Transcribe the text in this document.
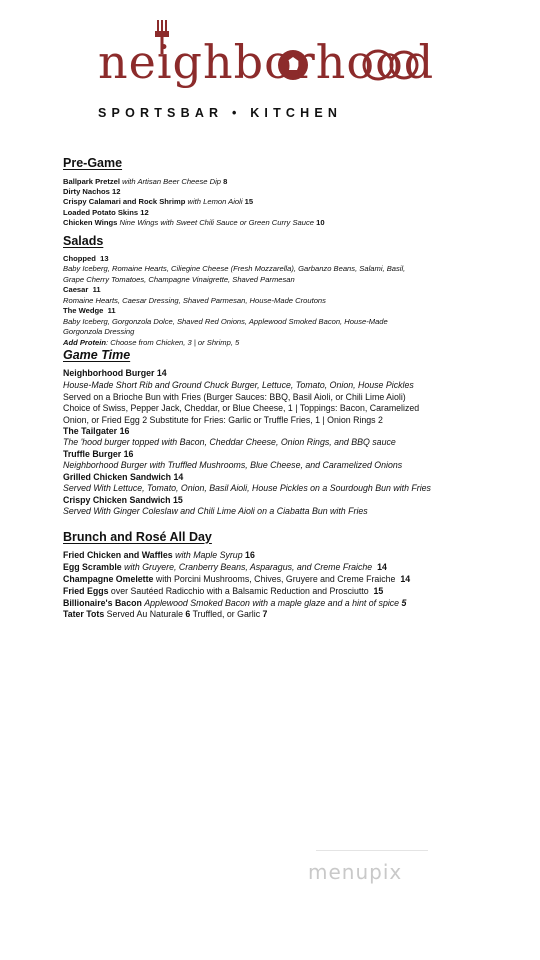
neighborhood
SPORTSBAR • KITCHEN
Pre-Game
Ballpark Pretzel with Artisan Beer Cheese Dip 8
Dirty Nachos 12
Crispy Calamari and Rock Shrimp with Lemon Aioli 15
Loaded Potato Skins 12
Chicken Wings Nine Wings with Sweet Chili Sauce or Green Curry Sauce 10
Salads
Chopped 13
Baby Iceberg, Romaine Hearts, Ciliegine Cheese (Fresh Mozzarella), Garbanzo Beans, Salami, Basil,
Grape Cherry Tomatoes, Champagne Vinaigrette, Shaved Parmesan
Caesar 11
Romaine Hearts, Caesar Dressing, Shaved Parmesan, House-Made Croutons
The Wedge 11
Baby Iceberg, Gorgonzola Dolce, Shaved Red Onions, Applewood Smoked Bacon, House-Made
Gorgonzola Dressing
Add Protein: Choose from Chicken, 3 | or Shrimp, 5
Game Time
Neighborhood Burger 14
House-Made Short Rib and Ground Chuck Burger, Lettuce, Tomato, Onion, House Pickles
Served on a Brioche Bun with Fries (Burger Sauces: BBQ, Basil Aioli, or Chili Lime Aioli)
Choice of Swiss, Pepper Jack, Cheddar, or Blue Cheese, 1 | Toppings: Bacon, Caramelized
Onion, or Fried Egg 2 Substitute for Fries: Garlic or Truffle Fries, 1 | Onion Rings 2
The Tailgater 16
The 'hood burger topped with Bacon, Cheddar Cheese, Onion Rings, and BBQ sauce
Truffle Burger 16
Neighborhood Burger with Truffled Mushrooms, Blue Cheese, and Caramelized Onions
Grilled Chicken Sandwich 14
Served With Lettuce, Tomato, Onion, Basil Aioli, House Pickles on a Sourdough Bun with Fries
Crispy Chicken Sandwich 15
Served With Ginger Coleslaw and Chili Lime Aioli on a Ciabatta Bun with Fries
Brunch and Rosé All Day
Fried Chicken and Waffles with Maple Syrup 16
Egg Scramble with Gruyere, Cranberry Beans, Asparagus, and Creme Fraiche 14
Champagne Omelette with Porcini Mushrooms, Chives, Gruyere and Creme Fraiche 14
Fried Eggs over Sautéed Radicchio with a Balsamic Reduction and Prosciutto 15
Billionaire's Bacon Applewood Smoked Bacon with a maple glaze and a hint of spice 5
Tater Tots Served Au Naturale 6 Truffled, or Garlic 7
menupix
